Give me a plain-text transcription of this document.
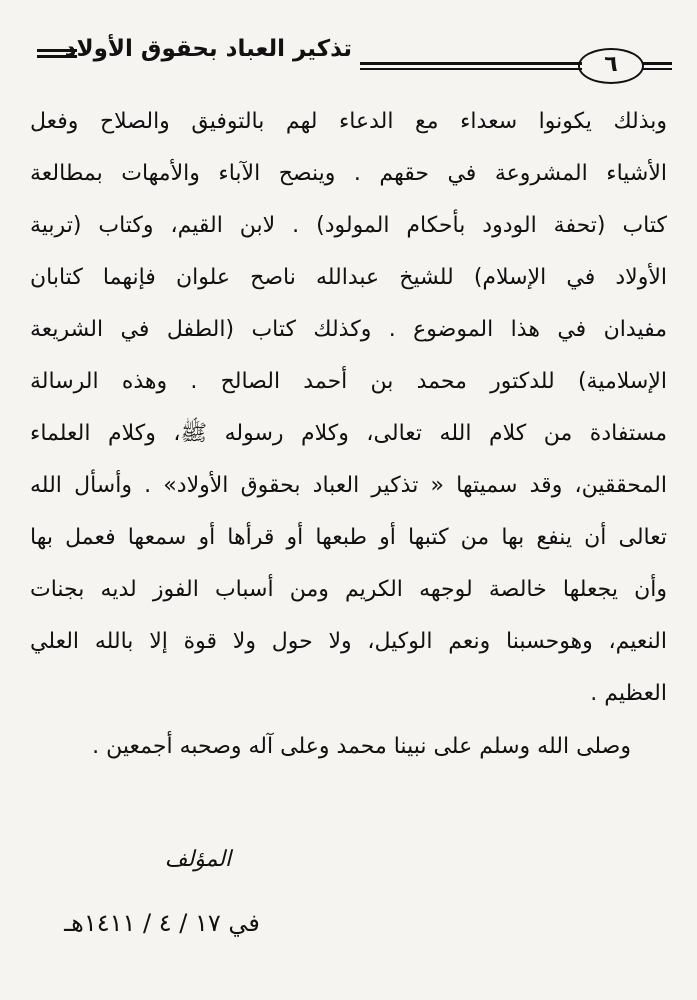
تذكير العباد بحقوق الأولاد
٦
وبذلك يكونوا سعداء مع الدعاء لهم بالتوفيق والصلاح وفعل
الأشياء المشروعة في حقهم . وينصح الآباء والأمهات بمطالعة
كتاب (تحفة الودود بأحكام المولود) . لابن القيم، وكتاب (تربية
الأولاد في الإسلام) للشيخ عبدالله ناصح علوان فإنهما كتابان
مفيدان في هذا الموضوع . وكذلك كتاب (الطفل في الشريعة
الإسلامية) للدكتور محمد بن أحمد الصالح . وهذه الرسالة
مستفادة من كلام الله تعالى، وكلام رسوله ﷺ، وكلام العلماء
المحققين، وقد سميتها « تذكير العباد بحقوق الأولاد» . وأسأل الله
تعالى أن ينفع بها من كتبها أو طبعها أو قرأها أو سمعها فعمل بها
وأن يجعلها خالصة لوجهه الكريم ومن أسباب الفوز لديه بجنات
النعيم، وهوحسبنا ونعم الوكيل، ولا حول ولا قوة إلا بالله العلي
العظيم .
وصلى الله وسلم على نبينا محمد وعلى آله وصحبه أجمعين .
المؤلف
في ١٧ / ٤ / ١٤١١هـ
